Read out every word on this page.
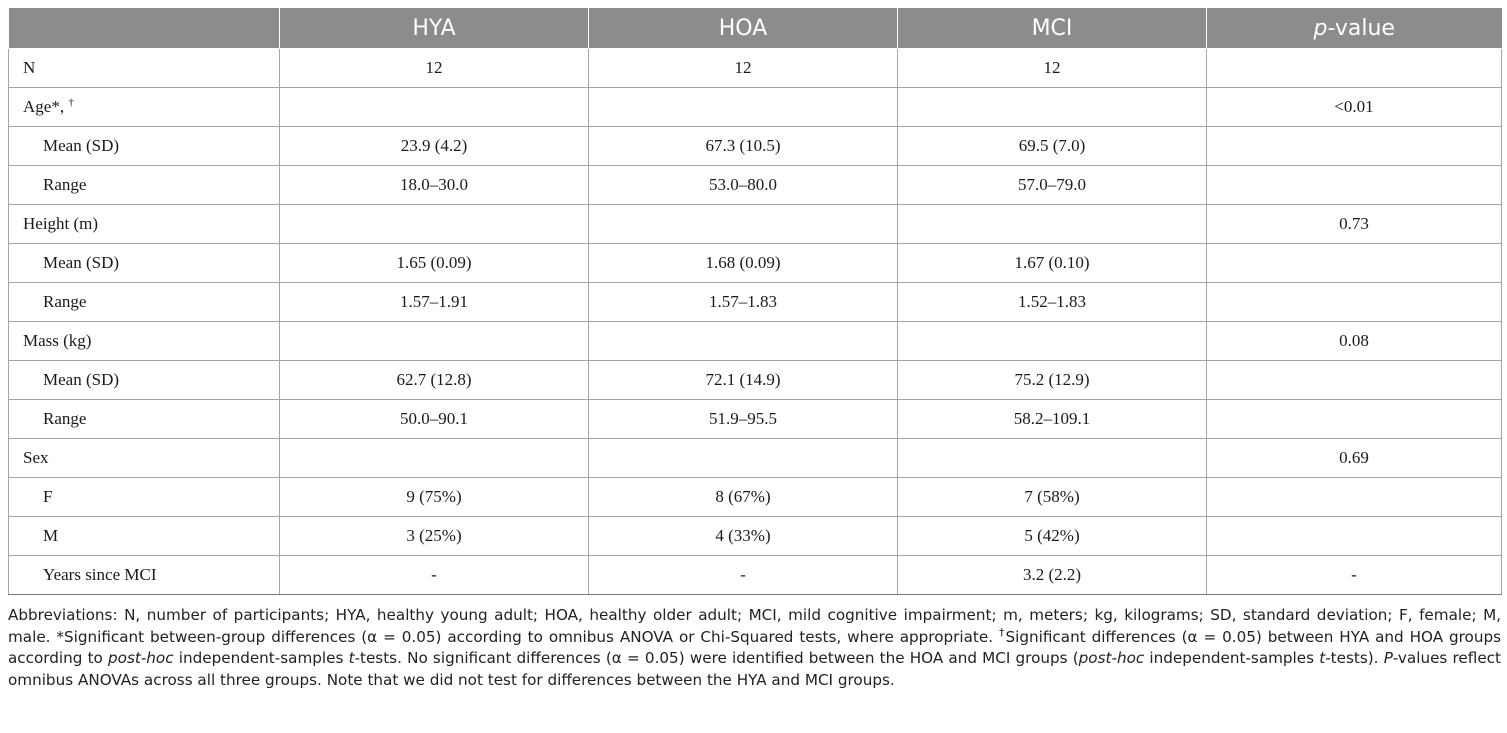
	HYA	HOA	MCI	p-value
N	12	12	12	
Age*, †				<0.01
Mean (SD)	23.9 (4.2)	67.3 (10.5)	69.5 (7.0)	
Range	18.0–30.0	53.0–80.0	57.0–79.0	
Height (m)				0.73
Mean (SD)	1.65 (0.09)	1.68 (0.09)	1.67 (0.10)	
Range	1.57–1.91	1.57–1.83	1.52–1.83	
Mass (kg)				0.08
Mean (SD)	62.7 (12.8)	72.1 (14.9)	75.2 (12.9)	
Range	50.0–90.1	51.9–95.5	58.2–109.1	
Sex				0.69
F	9 (75%)	8 (67%)	7 (58%)	
M	3 (25%)	4 (33%)	5 (42%)	
Years since MCI	-	-	3.2 (2.2)	-
Abbreviations: N, number of participants; HYA, healthy young adult; HOA, healthy older adult; MCI, mild cognitive impairment; m, meters; kg, kilograms; SD, standard deviation; F, female; M, male. *Significant between-group differences (α = 0.05) according to omnibus ANOVA or Chi-Squared tests, where appropriate. †Significant differences (α = 0.05) between HYA and HOA groups according to post-hoc independent-samples t-tests. No significant differences (α = 0.05) were identified between the HOA and MCI groups (post-hoc independent-samples t-tests). P-values reflect omnibus ANOVAs across all three groups. Note that we did not test for differences between the HYA and MCI groups.
